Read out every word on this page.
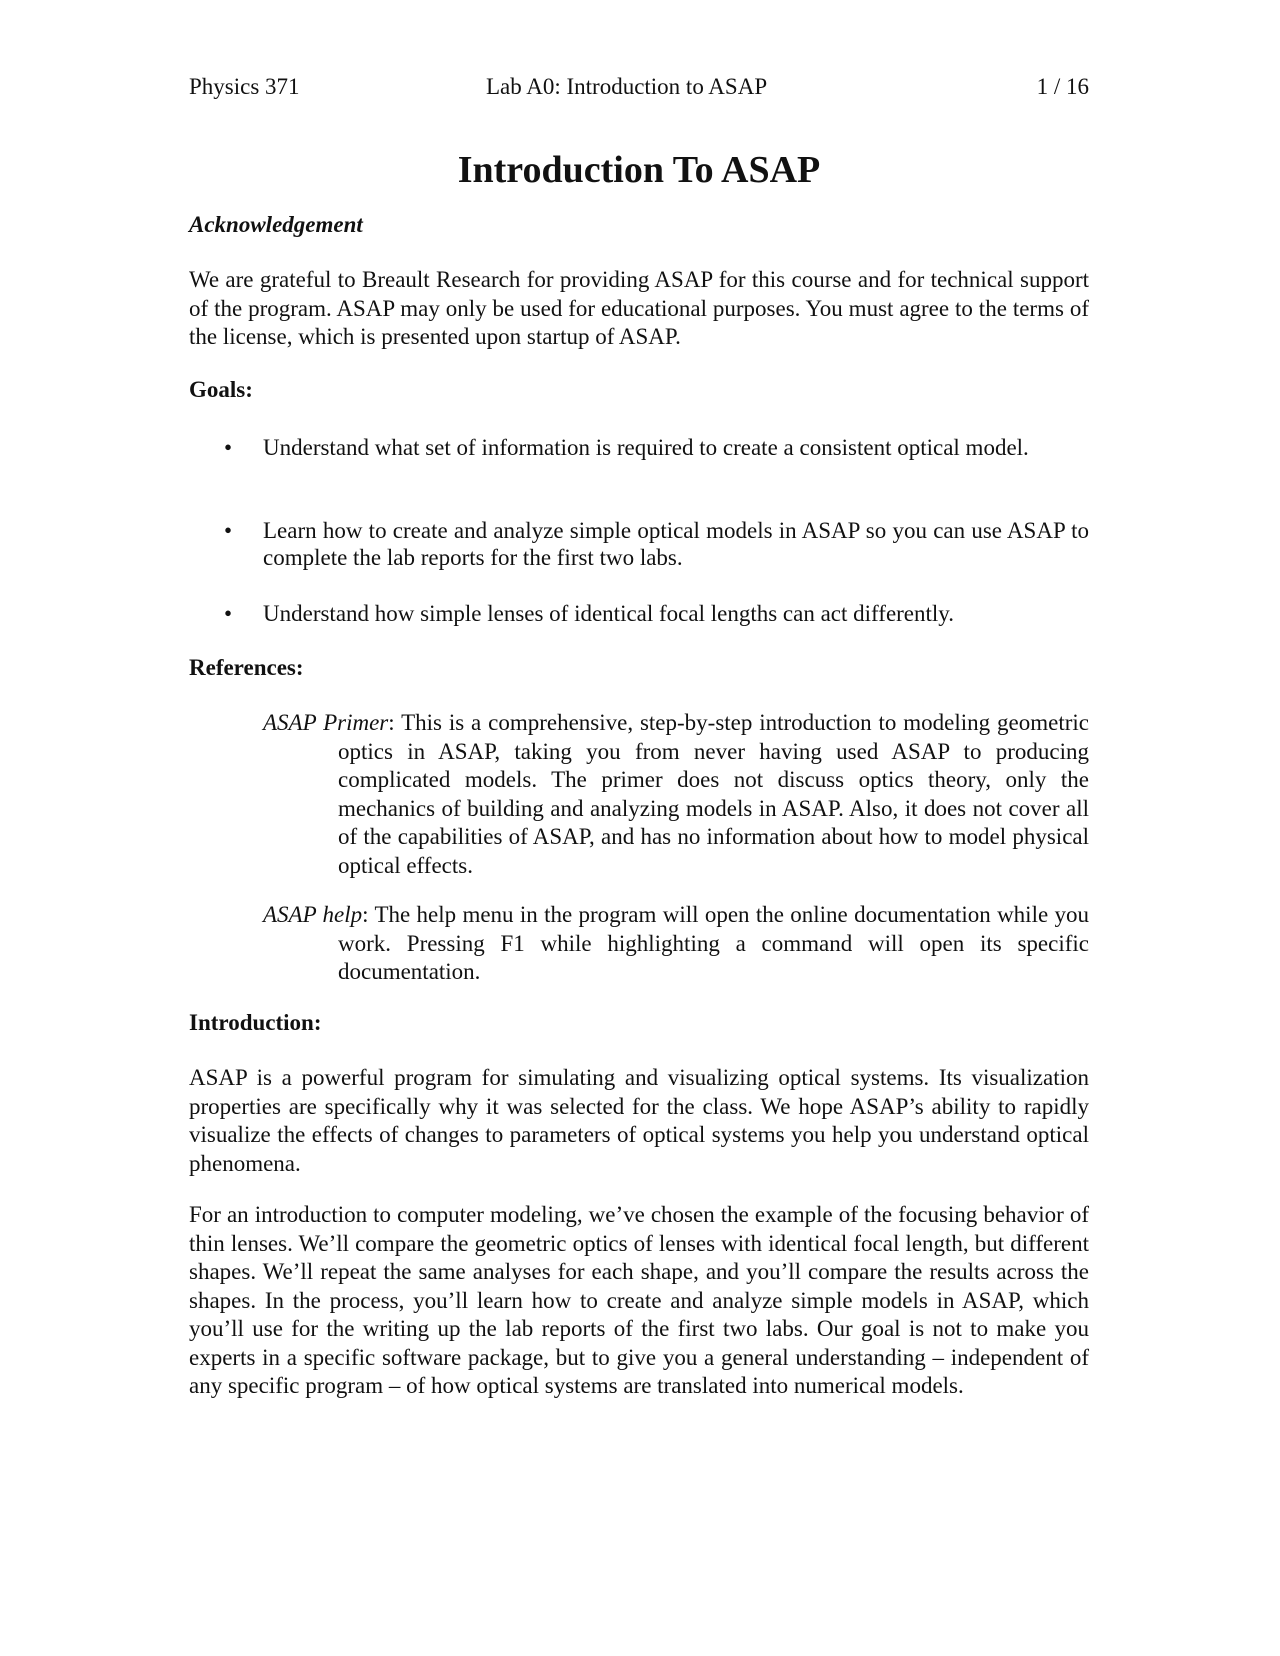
Physics 371	Lab A0: Introduction to ASAP	1 / 16
Introduction To ASAP
Acknowledgement
We are grateful to Breault Research for providing ASAP for this course and for technical support of the program. ASAP may only be used for educational purposes. You must agree to the terms of the license, which is presented upon startup of ASAP.
Goals:
• Understand what set of information is required to create a consistent optical model.
• Learn how to create and analyze simple optical models in ASAP so you can use ASAP to complete the lab reports for the first two labs.
• Understand how simple lenses of identical focal lengths can act differently.
References:
ASAP Primer: This is a comprehensive, step-by-step introduction to modeling geometric optics in ASAP, taking you from never having used ASAP to producing complicated models. The primer does not discuss optics theory, only the mechanics of building and analyzing models in ASAP. Also, it does not cover all of the capabilities of ASAP, and has no information about how to model physical optical effects.
ASAP help: The help menu in the program will open the online documentation while you work. Pressing F1 while highlighting a command will open its specific documentation.
Introduction:
ASAP is a powerful program for simulating and visualizing optical systems. Its visualization properties are specifically why it was selected for the class. We hope ASAP’s ability to rapidly visualize the effects of changes to parameters of optical systems you help you understand optical phenomena.
For an introduction to computer modeling, we’ve chosen the example of the focusing behavior of thin lenses. We’ll compare the geometric optics of lenses with identical focal length, but different shapes. We’ll repeat the same analyses for each shape, and you’ll compare the results across the shapes. In the process, you’ll learn how to create and analyze simple models in ASAP, which you’ll use for the writing up the lab reports of the first two labs. Our goal is not to make you experts in a specific software package, but to give you a general understanding – independent of any specific program – of how optical systems are translated into numerical models.
